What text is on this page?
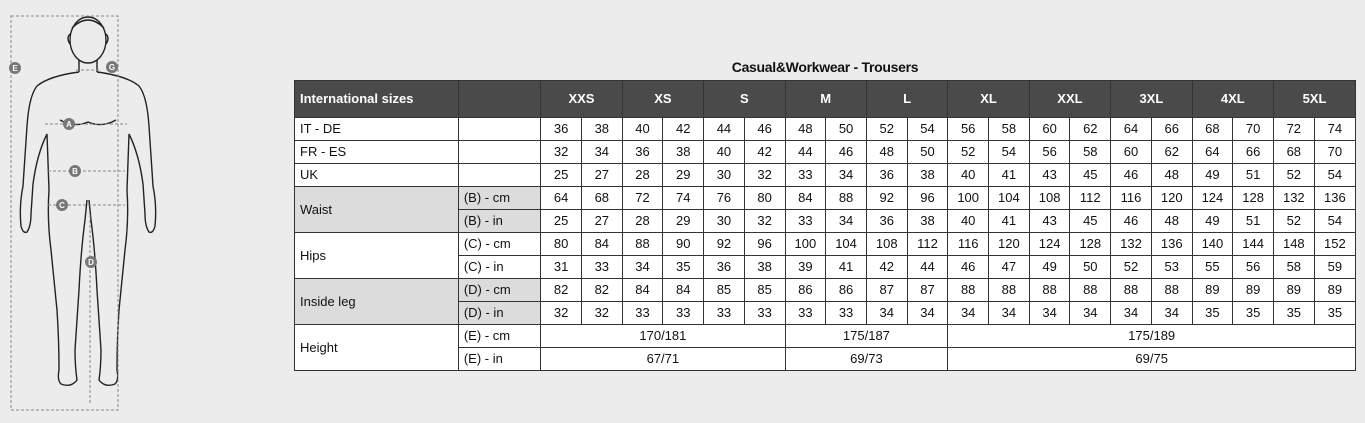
E	G
A
B
C
D
Casual&Workwear - Trousers
International sizes		XXS		XS		S		M		L		XL		XXL		3XL		4XL		5XL	
IT - DE		36	38	40	42	44	46	48	50	52	54	56	58	60	62	64	66	68	70	72	74
FR - ES		32	34	36	38	40	42	44	46	48	50	52	54	56	58	60	62	64	66	68	70
UK		25	27	28	29	30	32	33	34	36	38	40	41	43	45	46	48	49	51	52	54
Waist	(B) - cm	64	68	72	74	76	80	84	88	92	96	100	104	108	112	116	120	124	128	132	136
	(B) - in	25	27	28	29	30	32	33	34	36	38	40	41	43	45	46	48	49	51	52	54
Hips	(C) - cm	80	84	88	90	92	96	100	104	108	112	116	120	124	128	132	136	140	144	148	152
	(C) - in	31	33	34	35	36	38	39	41	42	44	46	47	49	50	52	53	55	56	58	59
Inside leg	(D) - cm	82	82	84	84	85	85	86	86	87	87	88	88	88	88	88	88	89	89	89	89
	(D) - in	32	32	33	33	33	33	33	33	34	34	34	34	34	34	34	34	35	35	35	35
Height	(E) - cm	170/181						175/187				175/189									
	(E) - in	67/71						69/73				69/75									
